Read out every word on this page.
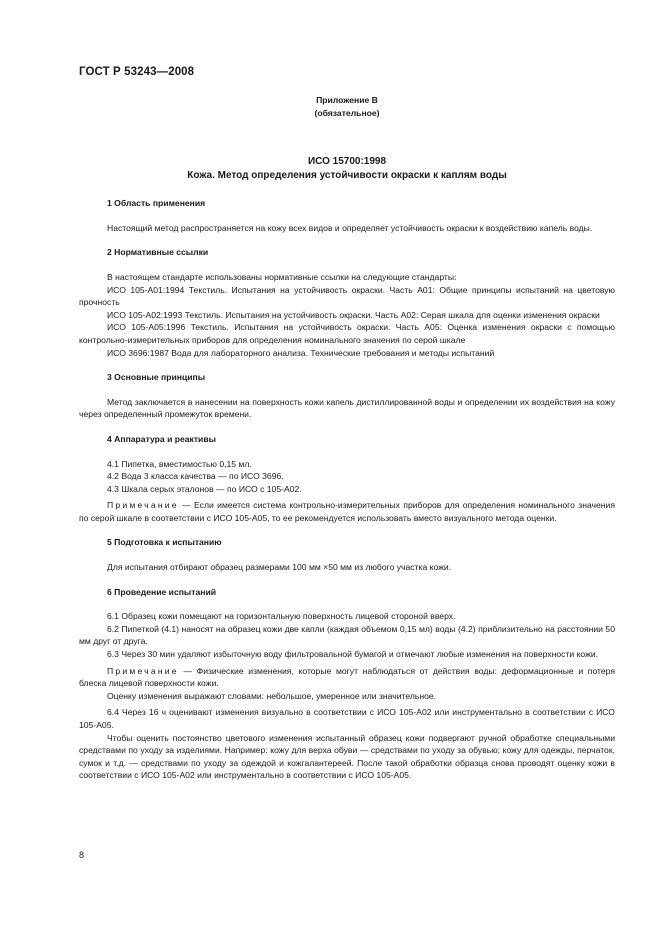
ГОСТ Р 53243—2008

Приложение В

(обязательное)

ИСО 15700:1998

Кожа. Метод определения устойчивости окраски к каплям воды

1 Область применения

Настоящий метод распространяется на кожу всех видов и определяет устойчивость окраски к воздействию капель воды.

2 Нормативные ссылки

В настоящем стандарте использованы нормативные ссылки на следующие стандарты:

ИСО 105-А01:1994 Текстиль. Испытания на устойчивость окраски. Часть А01: Общие принципы испытаний на цветовую прочность

ИСО 105-А02:1993 Текстиль. Испытания на устойчивость окраски. Часть А02: Серая шкала для оценки изменения окраски

ИСО 105-А05:1996 Текстиль. Испытания на устойчивость окраски. Часть А05: Оценка изменения окраски с помощью контрольно-измерительных приборов для определения номинального значения по серой шкале

ИСО 3696:1987 Вода для лабораторного анализа. Технические требования и методы испытаний

3 Основные принципы

Метод заключается в нанесении на поверхность кожи капель дистиллированной воды и определении их воздействия на кожу через определенный промежуток времени.

4 Аппаратура и реактивы

4.1 Пипетка, вместимостью 0,15 мл.

4.2 Вода 3 класса качества — по ИСО 3696.

4.3 Шкала серых эталонов — по ИСО с 105-А02.

Примечание — Если имеется система контрольно-измерительных приборов для определения номинального значения по серой шкале в соответствии с ИСО 105-А05, то ее рекомендуется использовать вместо визуального метода оценки.

5 Подготовка к испытанию

Для испытания отбирают образец размерами 100 мм ×50 мм из любого участка кожи.

6 Проведение испытаний

6.1 Образец кожи помещают на горизонтальную поверхность лицевой стороной вверх.

6.2 Пипеткой (4.1) наносят на образец кожи две капли (каждая объемом 0,15 мл) воды (4.2) приблизительно на расстоянии 50 мм друг от друга.

6.3 Через 30 мин удаляют избыточную воду фильтровальной бумагой и отмечают любые изменения на поверхности кожи.

Примечание — Физические изменения, которые могут наблюдаться от действия воды: деформационные и потеря блеска лицевой поверхности кожи.

Оценку изменения выражают словами: небольшое, умеренное или значительное.

6.4 Через 16 ч оценивают изменения визуально в соответствии с ИСО 105-А02 или инструментально в соответствии с ИСО 105-А05.

Чтобы оценить постоянство цветового изменения испытанный образец кожи подвергают ручной обработке специальными средствами по уходу за изделиями. Например: кожу для верха обуви — средствами по уходу за обувью; кожу для одежды, перчаток, сумок и т.д. — средствами по уходу за одеждой и кожгалантереей. После такой обработки образца снова проводят оценку кожи в соответствии с ИСО 105-А02 или инструментально в соответствии с ИСО 105-А05.

8
